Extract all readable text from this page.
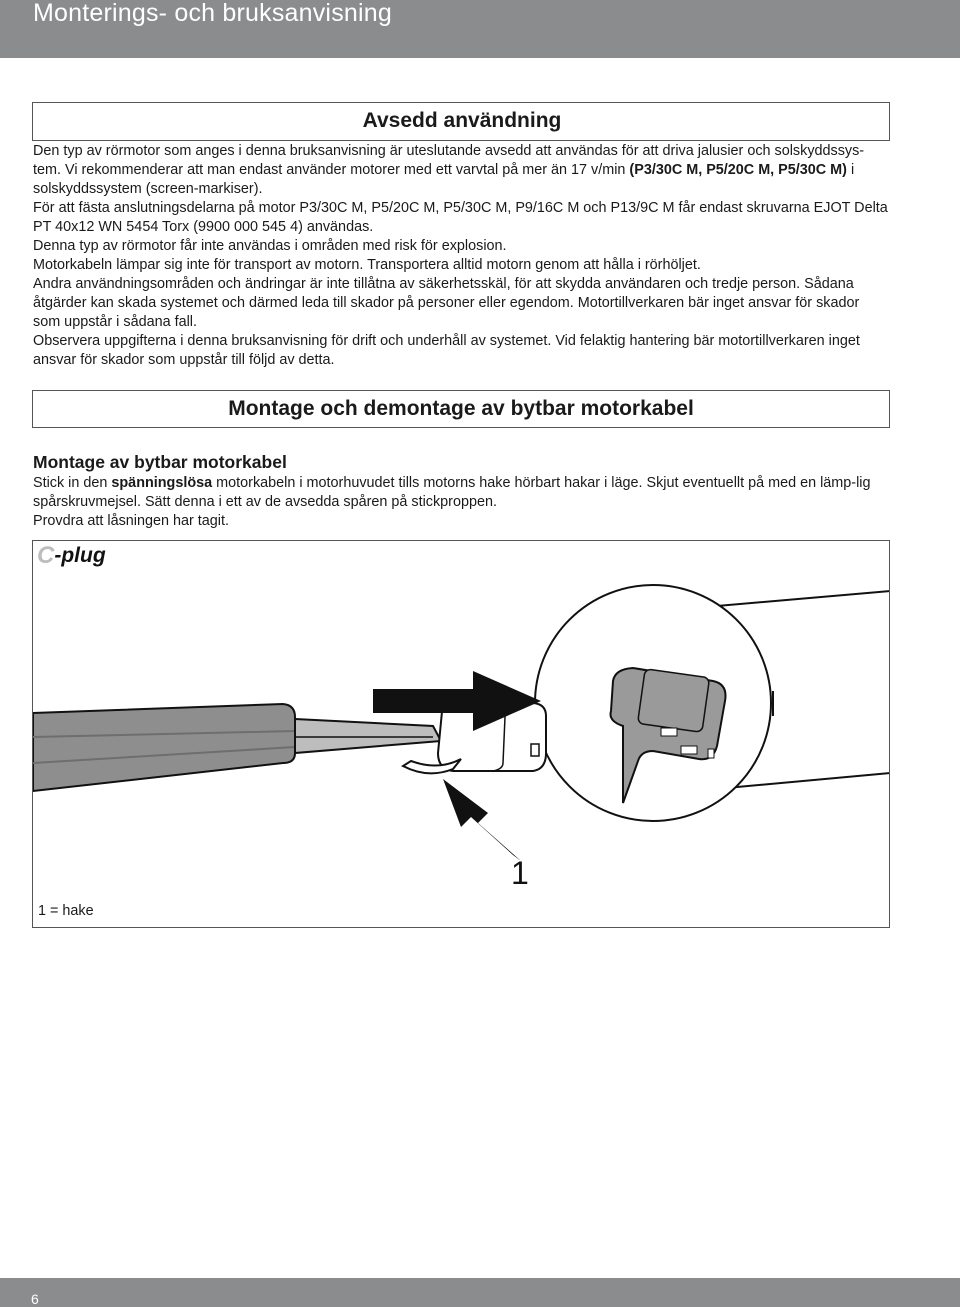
Monterings- och bruksanvisning
Avsedd användning

Den typ av rörmotor som anges i denna bruksanvisning är uteslutande avsedd att användas för att driva jalusier och solskyddssys-tem. Vi rekommenderar att man endast använder motorer med ett varvtal på mer än 17 v/min (P3/30C M, P5/20C M, P5/30C M) i solskyddssystem (screen-markiser).

För att fästa anslutningsdelarna på motor P3/30C M, P5/20C M, P5/30C M, P9/16C M och P13/9C M får endast skruvarna EJOT Delta PT 40x12 WN 5454 Torx (9900 000 545 4) användas.

Denna typ av rörmotor får inte användas i områden med risk för explosion.

Motorkabeln lämpar sig inte för transport av motorn. Transportera alltid motorn genom att hålla i rörhöljet.

Andra användningsområden och ändringar är inte tillåtna av säkerhetsskäl, för att skydda användaren och tredje person. Sådana åtgärder kan skada systemet och därmed leda till skador på personer eller egendom. Motortillverkaren bär inget ansvar för skador som uppstår i sådana fall.

Observera uppgifterna i denna bruksanvisning för drift och underhåll av systemet. Vid felaktig hantering bär motortillverkaren inget ansvar för skador som uppstår till följd av detta.

Montage och demontage av bytbar motorkabel
Montage av bytbar motorkabel

Stick in den spänningslösa motorkabeln i motorhuvudet tills motorns hake hörbart hakar i läge. Skjut eventuellt på med en lämp-lig spårskruvmejsel. Sätt denna i ett av de avsedda spåren på stickproppen.

Provdra att låsningen har tagit.

C -plug
1
1 = hake
6
